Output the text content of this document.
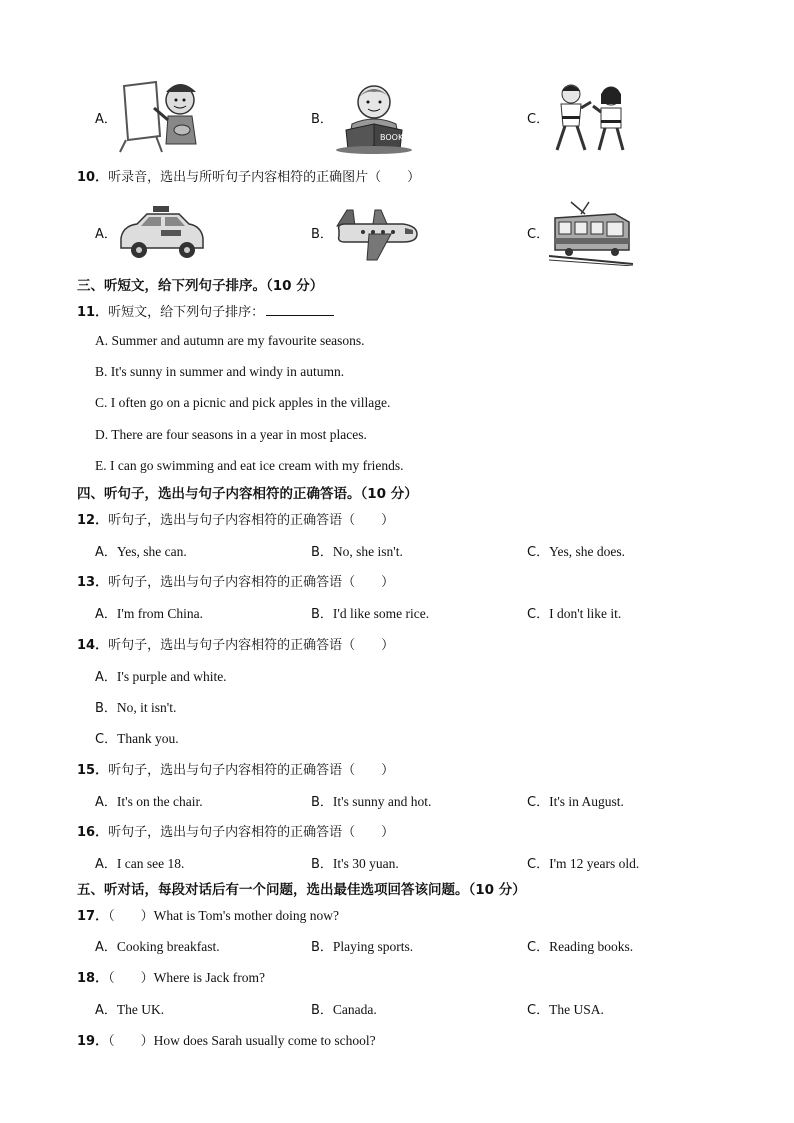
A．	B．
BOOK
C．
10．听录音，选出与所听句子内容相符的正确图片（　　）
A．	B．	C．
三、听短文，给下列句子排序。（10 分）
11．听短文，给下列句子排序：
A. Summer and autumn are my favourite seasons.
B. It's sunny in summer and windy in autumn.
C. I often go on a picnic and pick apples in the village.
D. There are four seasons in a year in most places.
E. I can go swimming and eat ice cream with my friends.
四、听句子，选出与句子内容相符的正确答语。（10 分）
12．听句子，选出与句子内容相符的正确答语（　　）
A．Yes, she can.	B．No, she isn't.	C．Yes, she does.
13．听句子，选出与句子内容相符的正确答语（　　）
A．I'm from China.	B．I'd like some rice.	C．I don't like it.
14．听句子，选出与句子内容相符的正确答语（　　）
A．I's purple and white.
B．No, it isn't.
C．Thank you.
15．听句子，选出与句子内容相符的正确答语（　　）
A．It's on the chair.	B．It's sunny and hot.	C．It's in August.
16．听句子，选出与句子内容相符的正确答语（　　）
A．I can see 18.	B．It's 30 yuan.	C．I'm 12 years old.
五、听对话，每段对话后有一个问题，选出最佳选项回答该问题。（10 分）
17．（　　）What is Tom's mother doing now?
A．Cooking breakfast.	B．Playing sports.	C．Reading books.
18．（　　）Where is Jack from?
A．The UK.	B．Canada.	C．The USA.
19．（　　）How does Sarah usually come to school?
